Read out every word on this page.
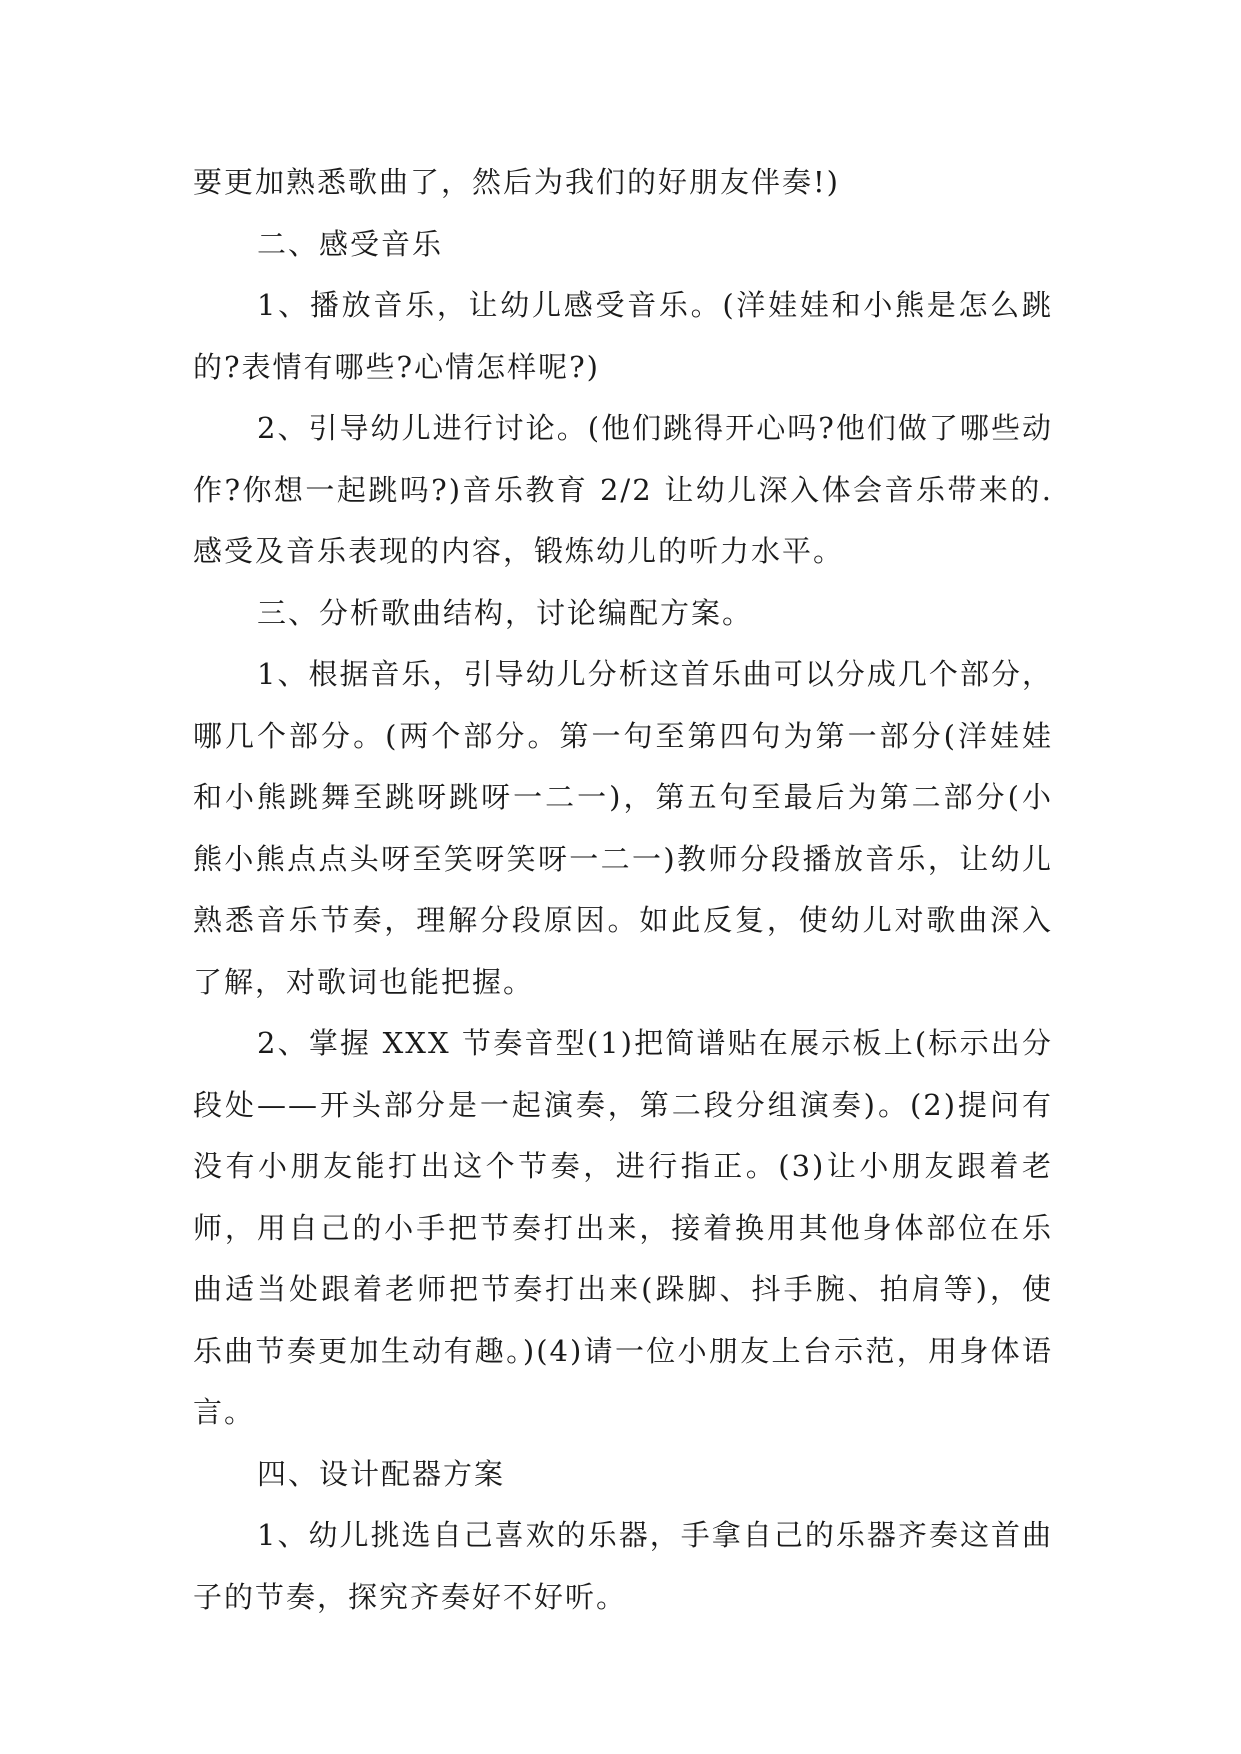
要更加熟悉歌曲了，然后为我们的好朋友伴奏!)

二、感受音乐

1、播放音乐，让幼儿感受音乐。(洋娃娃和小熊是怎么跳的?表情有哪些?心情怎样呢?)

2、引导幼儿进行讨论。(他们跳得开心吗?他们做了哪些动作?你想一起跳吗?)音乐教育 2/2 让幼儿深入体会音乐带来的.感受及音乐表现的内容，锻炼幼儿的听力水平。

三、分析歌曲结构，讨论编配方案。

1、根据音乐，引导幼儿分析这首乐曲可以分成几个部分，哪几个部分。(两个部分。第一句至第四句为第一部分(洋娃娃和小熊跳舞至跳呀跳呀一二一)，第五句至最后为第二部分(小熊小熊点点头呀至笑呀笑呀一二一)教师分段播放音乐，让幼儿熟悉音乐节奏，理解分段原因。如此反复，使幼儿对歌曲深入了解，对歌词也能把握。

2、掌握 XXX 节奏音型(1)把简谱贴在展示板上(标示出分段处——开头部分是一起演奏，第二段分组演奏)。(2)提问有没有小朋友能打出这个节奏，进行指正。(3)让小朋友跟着老师，用自己的小手把节奏打出来，接着换用其他身体部位在乐曲适当处跟着老师把节奏打出来(跺脚、抖手腕、拍肩等)，使乐曲节奏更加生动有趣。)(4)请一位小朋友上台示范，用身体语言。

四、设计配器方案

1、幼儿挑选自己喜欢的乐器，手拿自己的乐器齐奏这首曲子的节奏，探究齐奏好不好听。
